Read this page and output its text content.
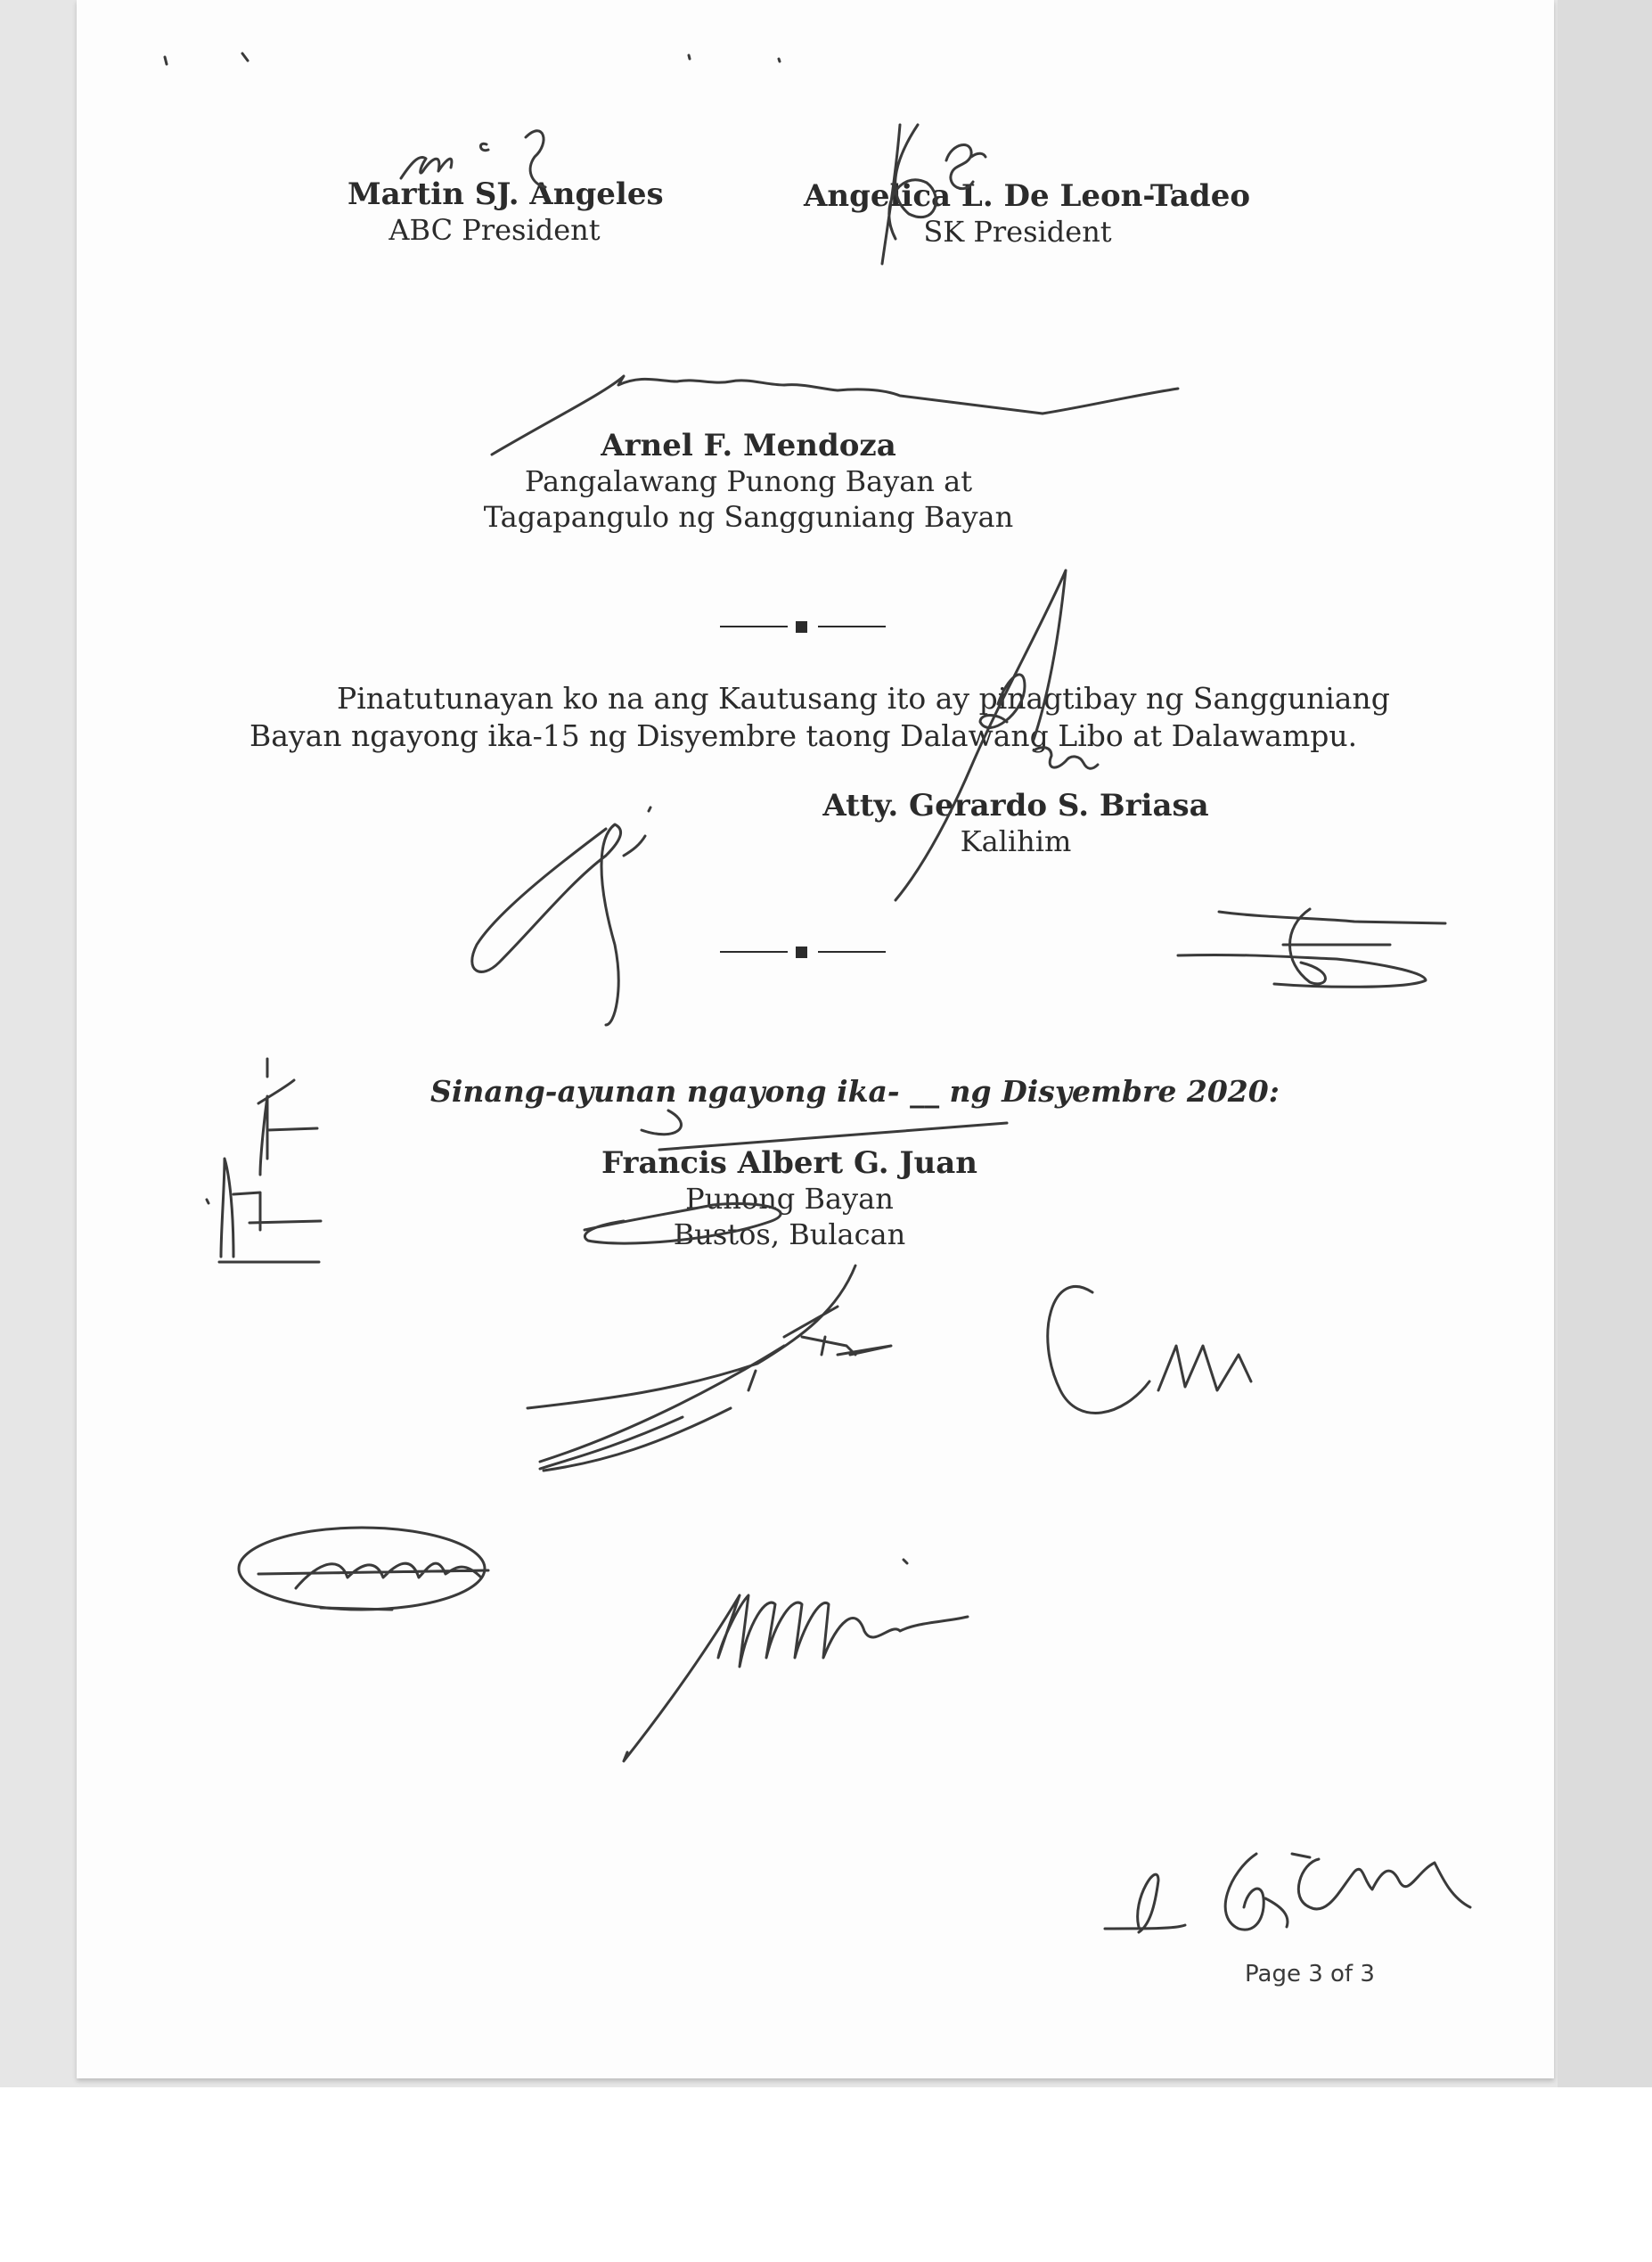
Martin SJ. Angeles
ABC President
Angelica L. De Leon-Tadeo
SK President
Arnel F. Mendoza
Pangalawang Punong Bayan at
Tagapangulo ng Sangguniang Bayan
Pinatutunayan ko na ang Kautusang ito ay pinagtibay ng Sangguniang
Bayan ngayong ika-15 ng Disyembre taong Dalawang Libo at Dalawampu.
Atty. Gerardo S. Briasa
Kalihim
Sinang-ayunan ngayong ika- __ ng Disyembre 2020:
Francis Albert G. Juan
Punong Bayan
Bustos, Bulacan
Page 3 of 3
